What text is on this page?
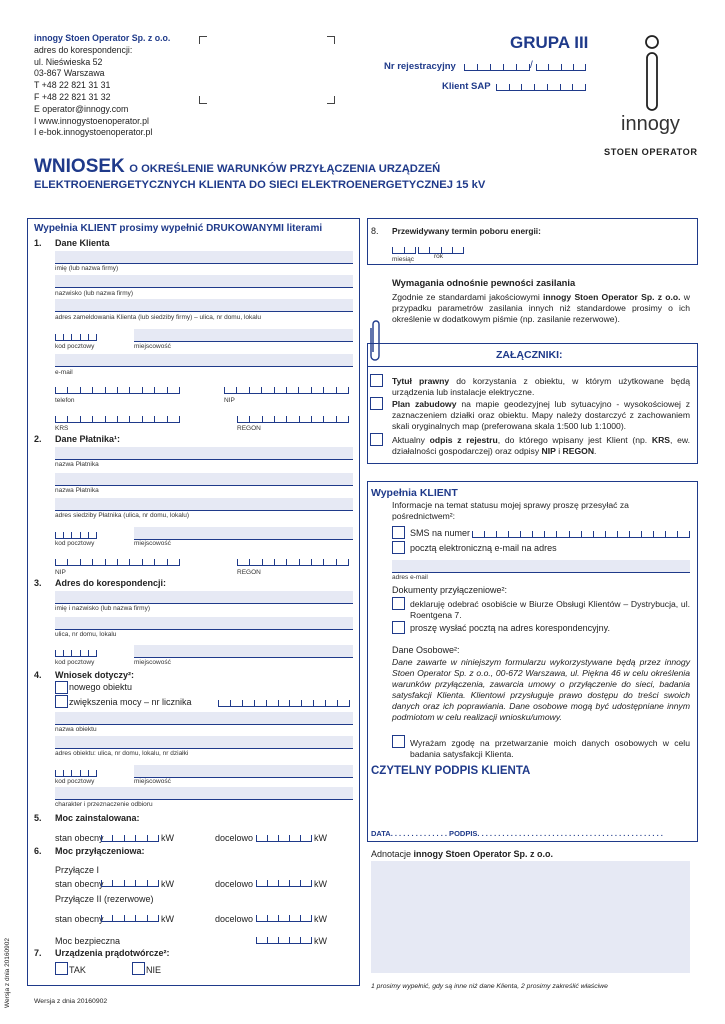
innogy Stoen Operator Sp. z o.o.
adres do korespondencji:
ul. Nieświeska 52
03-867 Warszawa
T +48 22 821 31 31
F +48 22 821 31 32
E operator@innogy.com
I www.innogystoenoperator.pl
I e-bok.innogystoenoperator.pl
GRUPA III
Nr rejestracyjny	/
Klient SAP
innogy
STOEN OPERATOR
WNIOSEK O OKREŚLENIE WARUNKÓW PRZYŁĄCZENIA URZĄDZEŃ
ELEKTROENERGETYCZNYCH KLIENTA DO SIECI ELEKTROENERGETYCZNEJ 15 kV
Wypełnia KLIENT prosimy wypełnić DRUKOWANYMI literami
1. Dane Klienta
imię (lub nazwa firmy)
nazwisko (lub nazwa firmy)
adres zameldowania Klienta (lub siedziby firmy) – ulica, nr domu, lokalu
kod pocztowy	miejscowość
e-mail
telefon	NIP
KRS	REGON
2. Dane Płatnika¹:
nazwa Płatnika
nazwa Płatnika
adres siedziby Płatnika (ulica, nr domu, lokalu)
kod pocztowy	miejscowość
NIP	REGON
3. Adres do korespondencji:
imię i nazwisko (lub nazwa firmy)
ulica, nr domu, lokalu
kod pocztowy	miejscowość
4. Wniosek dotyczy²:
nowego obiektu
zwiększenia mocy – nr licznika
nazwa obiektu
adres obiektu: ulica, nr domu, lokalu, nr działki
kod pocztowy	miejscowość
charakter i przeznaczenie odbioru
5. Moc zainstalowana:
stan obecny	kW	docelowo	kW
6. Moc przyłączeniowa:
Przyłącze I
stan obecny	kW	docelowo	kW
Przyłącze II (rezerwowe)
stan obecny	kW	docelowo	kW
Moc bezpieczna	kW
7. Urządzenia prądotwórcze²:
TAK	NIE
8. Przewidywany termin poboru energii:
miesiąc	rok
Wymagania odnośnie pewności zasilania
Zgodnie ze standardami jakościowymi innogy Stoen Operator Sp. z o.o. w przypadku parametrów zasilania innych niż standardowe prosimy o ich określenie w dodatkowym piśmie (np. zasilanie rezerwowe).
ZAŁĄCZNIKI:
Tytuł prawny do korzystania z obiektu, w którym użytkowane będą urządzenia lub instalacje elektryczne.
Plan zabudowy na mapie geodezyjnej lub sytuacyjno - wysokościowej z zaznaczeniem działki oraz obiektu. Mapy należy dostarczyć z zachowaniem skali oryginalnych map (preferowana skala 1:500 lub 1:1000).
Aktualny odpis z rejestru, do którego wpisany jest Klient (np. KRS, ew. działalności gospodarczej) oraz odpisy NIP i REGON.
Wypełnia KLIENT
Informacje na temat statusu mojej sprawy proszę przesyłać za pośrednictwem²:
SMS na numer
pocztą elektroniczną e-mail na adres
adres e-mail
Dokumenty przyłączeniowe²:
deklaruję odebrać osobiście w Biurze Obsługi Klientów – Dystrybucja, ul. Roentgena 7.
proszę wysłać pocztą na adres korespondencyjny.
Dane Osobowe²:
Dane zawarte w niniejszym formularzu wykorzystywane będą przez innogy Stoen Operator Sp. z o.o., 00-672 Warszawa, ul. Piękna 46 w celu określenia warunków przyłączenia, zawarcia umowy o przyłączenie do sieci, badania satysfakcji Klienta. Klientowi przysługuje prawo dostępu do treści swoich danych oraz ich poprawiania. Dane osobowe mogą być udostępniane innym podmiotom w celu realizacji wniosku/umowy.
Wyrażam zgodę na przetwarzanie moich danych osobowych w celu badania satysfakcji Klienta.
CZYTELNY PODPIS KLIENTA
DATA. . . . . . . . . . . . . . PODPIS. . . . . . . . . . . . . . . . . . . . . . . . . . . . . . . . . . . . . . . . . . . . .
Adnotacje innogy Stoen Operator Sp. z o.o.
1 prosimy wypełnić, gdy są inne niż dane Klienta, 2 prosimy zakreślić właściwe
Wersja z dnia 20160902	Wersja z dnia 20160902
